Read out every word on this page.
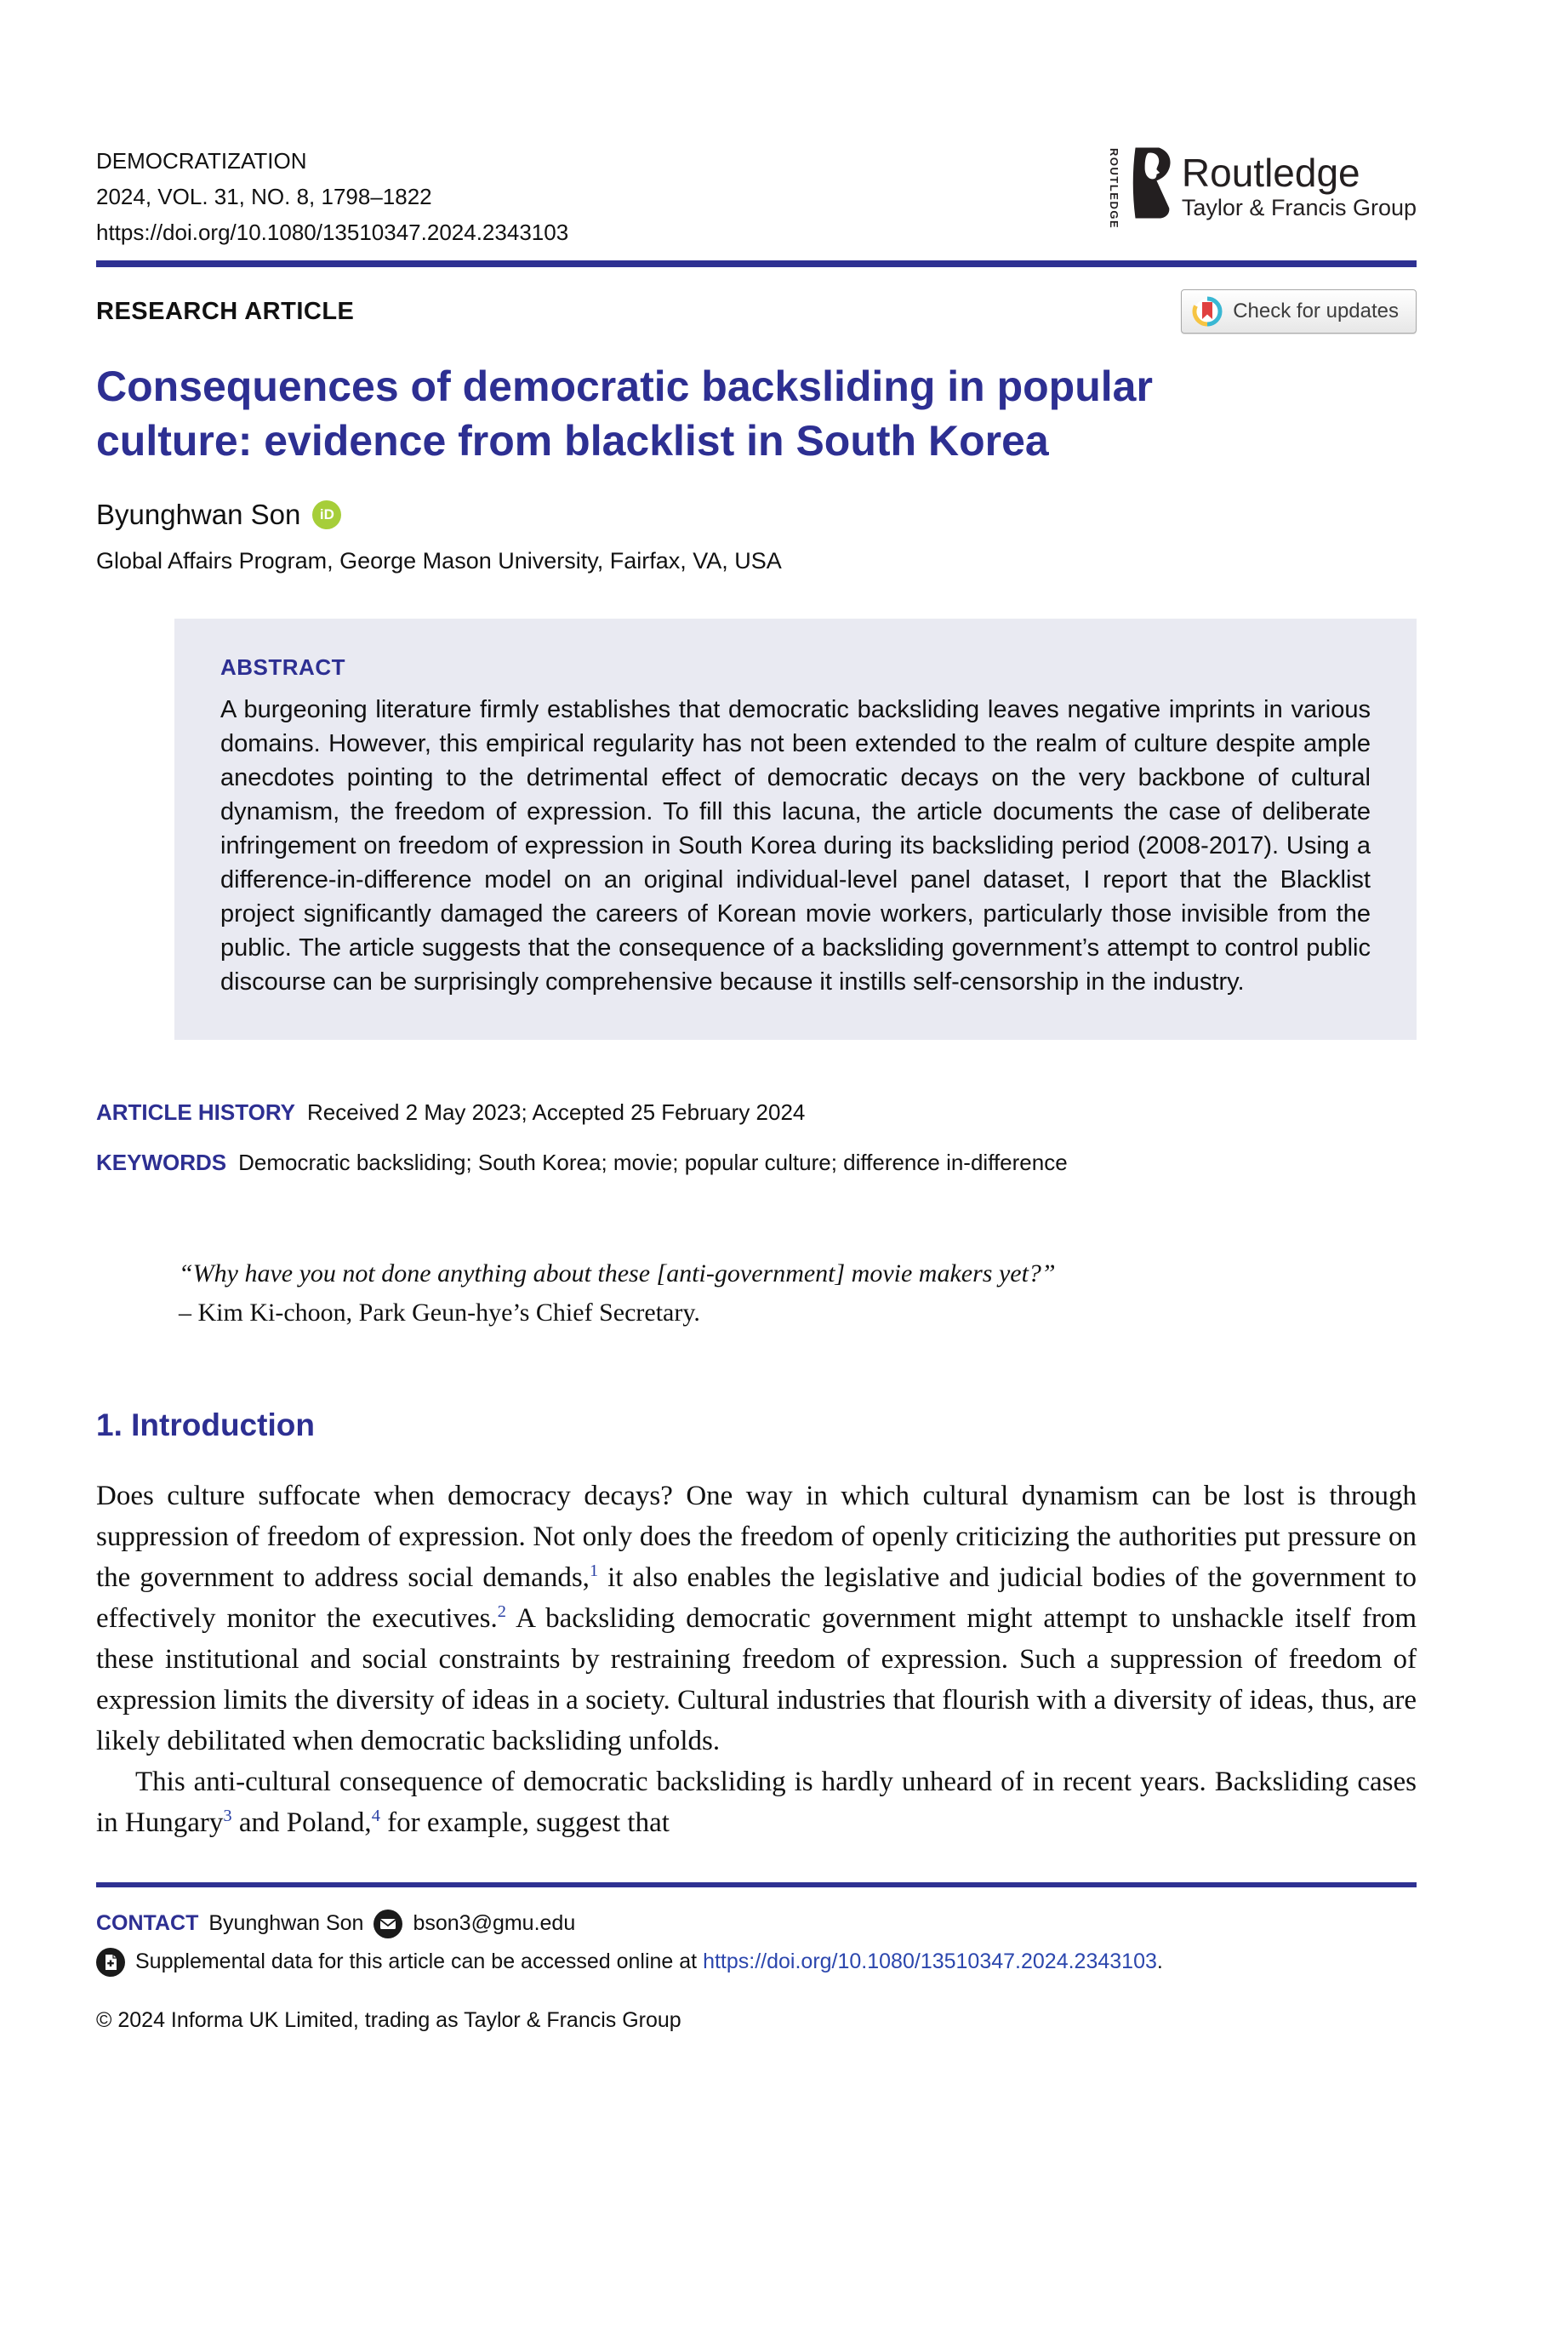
DEMOCRATIZATION
2024, VOL. 31, NO. 8, 1798–1822
https://doi.org/10.1080/13510347.2024.2343103
ROUTLEDGE Routledge
Taylor & Francis Group
RESEARCH ARTICLE	Check for updates
Consequences of democratic backsliding in popular culture: evidence from blacklist in South Korea
Byunghwan Son	iD
Global Affairs Program, George Mason University, Fairfax, VA, USA
ABSTRACT
A burgeoning literature firmly establishes that democratic backsliding leaves negative imprints in various domains. However, this empirical regularity has not been extended to the realm of culture despite ample anecdotes pointing to the detrimental effect of democratic decays on the very backbone of cultural dynamism, the freedom of expression. To fill this lacuna, the article documents the case of deliberate infringement on freedom of expression in South Korea during its backsliding period (2008-2017). Using a difference-in-difference model on an original individual-level panel dataset, I report that the Blacklist project significantly damaged the careers of Korean movie workers, particularly those invisible from the public. The article suggests that the consequence of a backsliding government’s attempt to control public discourse can be surprisingly comprehensive because it instills self-censorship in the industry.
ARTICLE HISTORY Received 2 May 2023; Accepted 25 February 2024
KEYWORDS Democratic backsliding; South Korea; movie; popular culture; difference in-difference
“Why have you not done anything about these [anti-government] movie makers yet?”
– Kim Ki-choon, Park Geun-hye’s Chief Secretary.
1. Introduction

Does culture suffocate when democracy decays? One way in which cultural dynamism can be lost is through suppression of freedom of expression. Not only does the freedom of openly criticizing the authorities put pressure on the government to address social demands,$^1$ it also enables the legislative and judicial bodies of the government to effectively monitor the executives.$^2$ A backsliding democratic government might attempt to unshackle itself from these institutional and social constraints by restraining freedom of expression. Such a suppression of freedom of expression limits the diversity of ideas in a society. Cultural industries that flourish with a diversity of ideas, thus, are likely debilitated when democratic backsliding unfolds.

This anti-cultural consequence of democratic backsliding is hardly unheard of in recent years. Backsliding cases in Hungary$^3$ and Poland,$^4$ for example, suggest that

CONTACT Byunghwan Son bson3@gmu.edu
Supplemental data for this article can be accessed online at https://doi.org/10.1080/13510347.2024.2343103.
© 2024 Informa UK Limited, trading as Taylor & Francis Group
